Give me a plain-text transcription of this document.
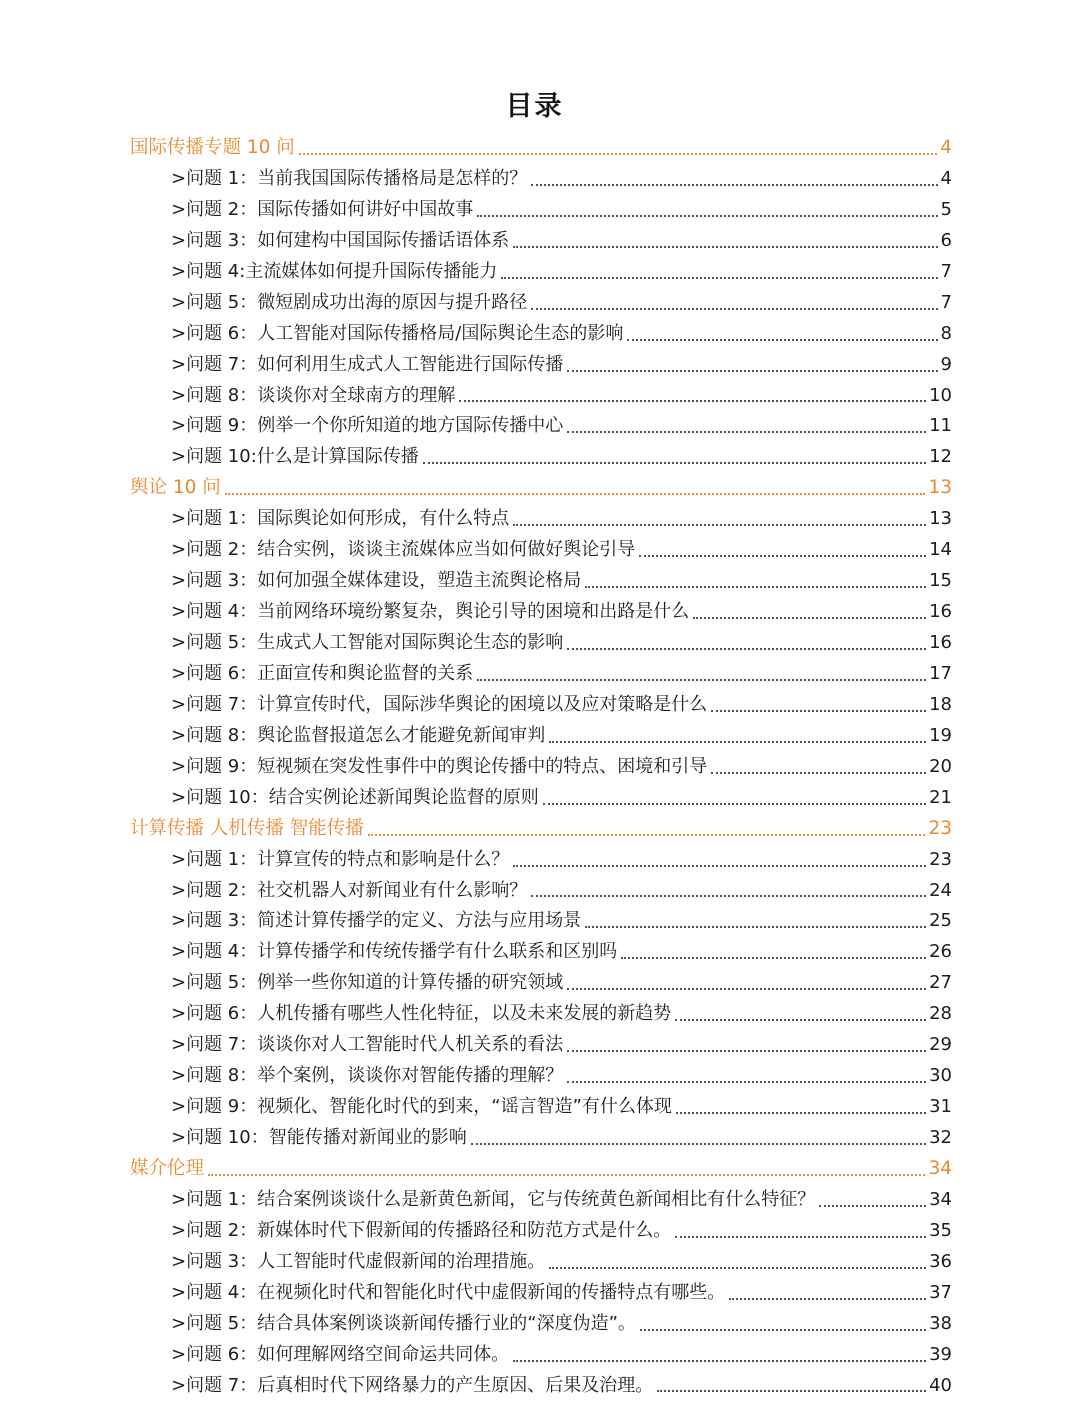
目录
国际传播专题 10 问	4
>问题 1：当前我国国际传播格局是怎样的？	4
>问题 2：国际传播如何讲好中国故事	5
>问题 3：如何建构中国国际传播话语体系	6
>问题 4:主流媒体如何提升国际传播能力	7
>问题 5：微短剧成功出海的原因与提升路径	7
>问题 6：人工智能对国际传播格局/国际舆论生态的影响	8
>问题 7：如何利用生成式人工智能进行国际传播	9
>问题 8：谈谈你对全球南方的理解	10
>问题 9：例举一个你所知道的地方国际传播中心	11
>问题 10:什么是计算国际传播	12
舆论 10 问	13
>问题 1：国际舆论如何形成，有什么特点	13
>问题 2：结合实例，谈谈主流媒体应当如何做好舆论引导	14
>问题 3：如何加强全媒体建设，塑造主流舆论格局	15
>问题 4：当前网络环境纷繁复杂，舆论引导的困境和出路是什么	16
>问题 5：生成式人工智能对国际舆论生态的影响	16
>问题 6：正面宣传和舆论监督的关系	17
>问题 7：计算宣传时代，国际涉华舆论的困境以及应对策略是什么	18
>问题 8：舆论监督报道怎么才能避免新闻审判	19
>问题 9：短视频在突发性事件中的舆论传播中的特点、困境和引导	20
>问题 10：结合实例论述新闻舆论监督的原则	21
计算传播 人机传播 智能传播	23
>问题 1：计算宣传的特点和影响是什么？	23
>问题 2：社交机器人对新闻业有什么影响？	24
>问题 3：简述计算传播学的定义、方法与应用场景	25
>问题 4：计算传播学和传统传播学有什么联系和区别吗	26
>问题 5：例举一些你知道的计算传播的研究领域	27
>问题 6：人机传播有哪些人性化特征，以及未来发展的新趋势	28
>问题 7：谈谈你对人工智能时代人机关系的看法	29
>问题 8：举个案例，谈谈你对智能传播的理解？	30
>问题 9：视频化、智能化时代的到来，“谣言智造”有什么体现	31
>问题 10：智能传播对新闻业的影响	32
媒介伦理	34
>问题 1：结合案例谈谈什么是新黄色新闻，它与传统黄色新闻相比有什么特征？	34
>问题 2：新媒体时代下假新闻的传播路径和防范方式是什么。	35
>问题 3：人工智能时代虚假新闻的治理措施。	36
>问题 4：在视频化时代和智能化时代中虚假新闻的传播特点有哪些。	37
>问题 5：结合具体案例谈谈新闻传播行业的“深度伪造”。	38
>问题 6：如何理解网络空间命运共同体。	39
>问题 7：后真相时代下网络暴力的产生原因、后果及治理。	40
